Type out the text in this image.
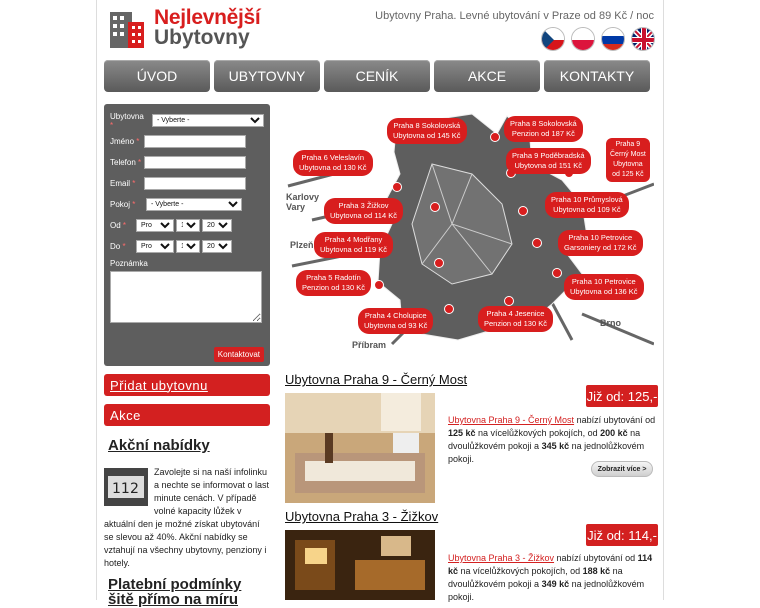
Nejlevnější
Ubytovny
Ubytovny Praha. Levné ubytování v Praze od 89 Kč / noc
ÚVOD	UBYTOVNY	CENÍK	AKCE	KONTAKTY
Ubytovna *
- Vyberte -
Jméno *
Telefon *
Email *
Pokoj *
- Vyberte -
Od *
Pro
10
2021
Do *
Pro
11
2021
Poznámka
Kontaktovat
Přidat ubytovnu
Akce
Akční nabídky
11 2
Zavolejte si na naší infolinku a nechte se informovat o last minute cenách. V případě volné kapacity lůžek v aktuální den je možné získat ubytování se slevou až 40%. Akční nabídky se vztahují na všechny ubytovny, penziony i hotely.
Platební podmínky šitě přímo na míru
Karlovy Vary
Plzeň
Příbram
Brno
Praha 8 Sokolovská
Ubytovna od 145 Kč
Praha 8 Sokolovská
Penzion od 187 Kč
Praha 9
Černý Most
Ubytovna
od 125 Kč
Praha 6 Veleslavín
Ubytovna od 130 Kč
Praha 9 Poděbradská
Ubytovna od 151 Kč
Praha 3 Žižkov
Ubytovna od 114 Kč
Praha 10 Průmyslová
Ubytovna od 109 Kč
Praha 4 Modřany
Ubytovna od 119 Kč
Praha 10 Petrovice
Garsoniery od 172 Kč
Praha 5 Radotín
Penzion od 130 Kč
Praha 10 Petrovice
Ubytovna od 136 Kč
Praha 4 Jesenice
Penzion od 130 Kč
Praha 4 Cholupice
Ubytovna od 93 Kč
Ubytovna Praha 9 - Černý Most
Již od: 125,-
Ubytovna Praha 9 - Černý Most nabízí ubytování od 125 kč na vícelůžkových pokojích, od 200 kč na dvoulůžkovém pokoji a 345 kč na jednolůžkovém pokoji.
Zobrazit více >
Ubytovna Praha 3 - Žižkov
Již od: 114,-
Ubytovna Praha 3 - Žižkov nabízí ubytování od 114 kč na vícelůžkových pokojích, od 188 kč na dvoulůžkovém pokoji a 349 kč na jednolůžkovém pokoji.
